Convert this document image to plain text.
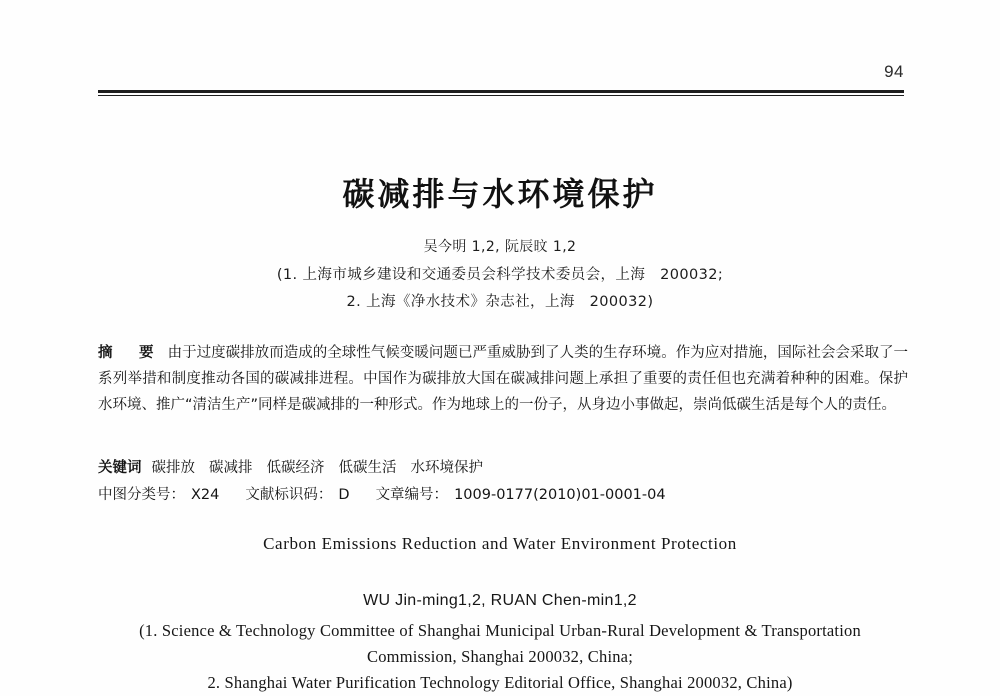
94
碳减排与水环境保护
吴今明 1,2, 阮辰旼 1,2
(1. 上海市城乡建设和交通委员会科学技术委员会，上海　200032;
2. 上海《净水技术》杂志社，上海　200032)
摘　要 由于过度碳排放而造成的全球性气候变暖问题已严重威胁到了人类的生存环境。作为应对措施，国际社会会采取了一系列举措和制度推动各国的碳减排进程。中国作为碳排放大国在碳减排问题上承担了重要的责任但也充满着种种的困难。保护水环境、推广“清洁生产”同样是碳减排的一种形式。作为地球上的一份子，从身边小事做起，崇尚低碳生活是每个人的责任。
关键词 碳排放 碳减排 低碳经济 低碳生活 水环境保护
中图分类号： X24 文献标识码： D 文章编号： 1009-0177(2010)01-0001-04
Carbon Emissions Reduction and Water Environment Protection
WU Jin-ming1,2, RUAN Chen-min1,2
(1. Science & Technology Committee of Shanghai Municipal Urban-Rural Development & Transportation
Commission, Shanghai 200032, China;
2. Shanghai Water Purification Technology Editorial Office, Shanghai 200032, China)
